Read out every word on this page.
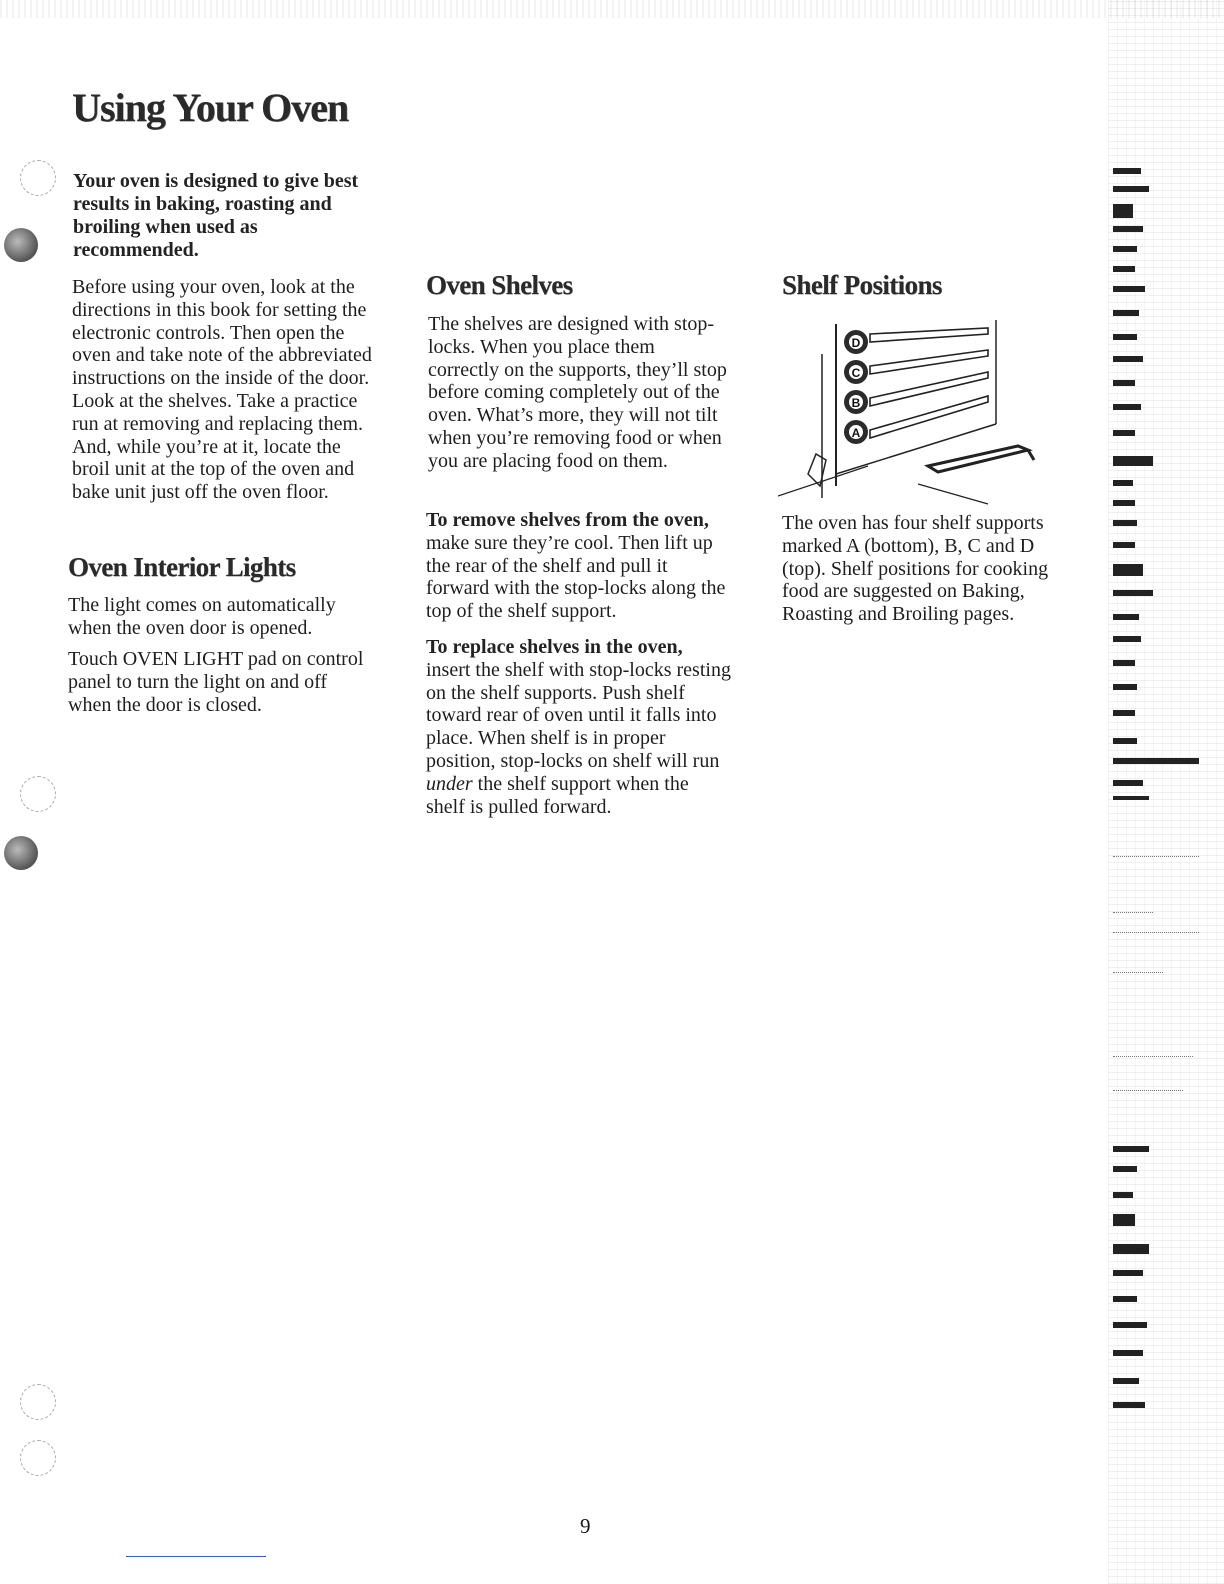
Using Your Oven

Your oven is designed to give best results in baking, roasting and broiling when used as recommended.

Before using your oven, look at the directions in this book for setting the electronic controls. Then open the oven and take note of the abbreviated instructions on the inside of the door. Look at the shelves. Take a practice run at removing and replacing them. And, while you’re at it, locate the broil unit at the top of the oven and bake unit just off the oven floor.

Oven Interior Lights

The light comes on automatically when the oven door is opened.

Touch OVEN LIGHT pad on control panel to turn the light on and off when the door is closed.

Oven Shelves

The shelves are designed with stop-locks. When you place them correctly on the supports, they’ll stop before coming completely out of the oven. What’s more, they will not tilt when you’re removing food or when you are placing food on them.

To remove shelves from the oven, make sure they’re cool. Then lift up the rear of the shelf and pull it forward with the stop-locks along the top of the shelf support.

To replace shelves in the oven, insert the shelf with stop-locks resting on the shelf supports. Push shelf toward rear of oven until it falls into place. When shelf is in proper position, stop-locks on shelf will run under the shelf support when the shelf is pulled forward.

Shelf Positions
D
C
B
A

The oven has four shelf supports marked A (bottom), B, C and D (top). Shelf positions for cooking food are suggested on Baking, Roasting and Broiling pages.

9
